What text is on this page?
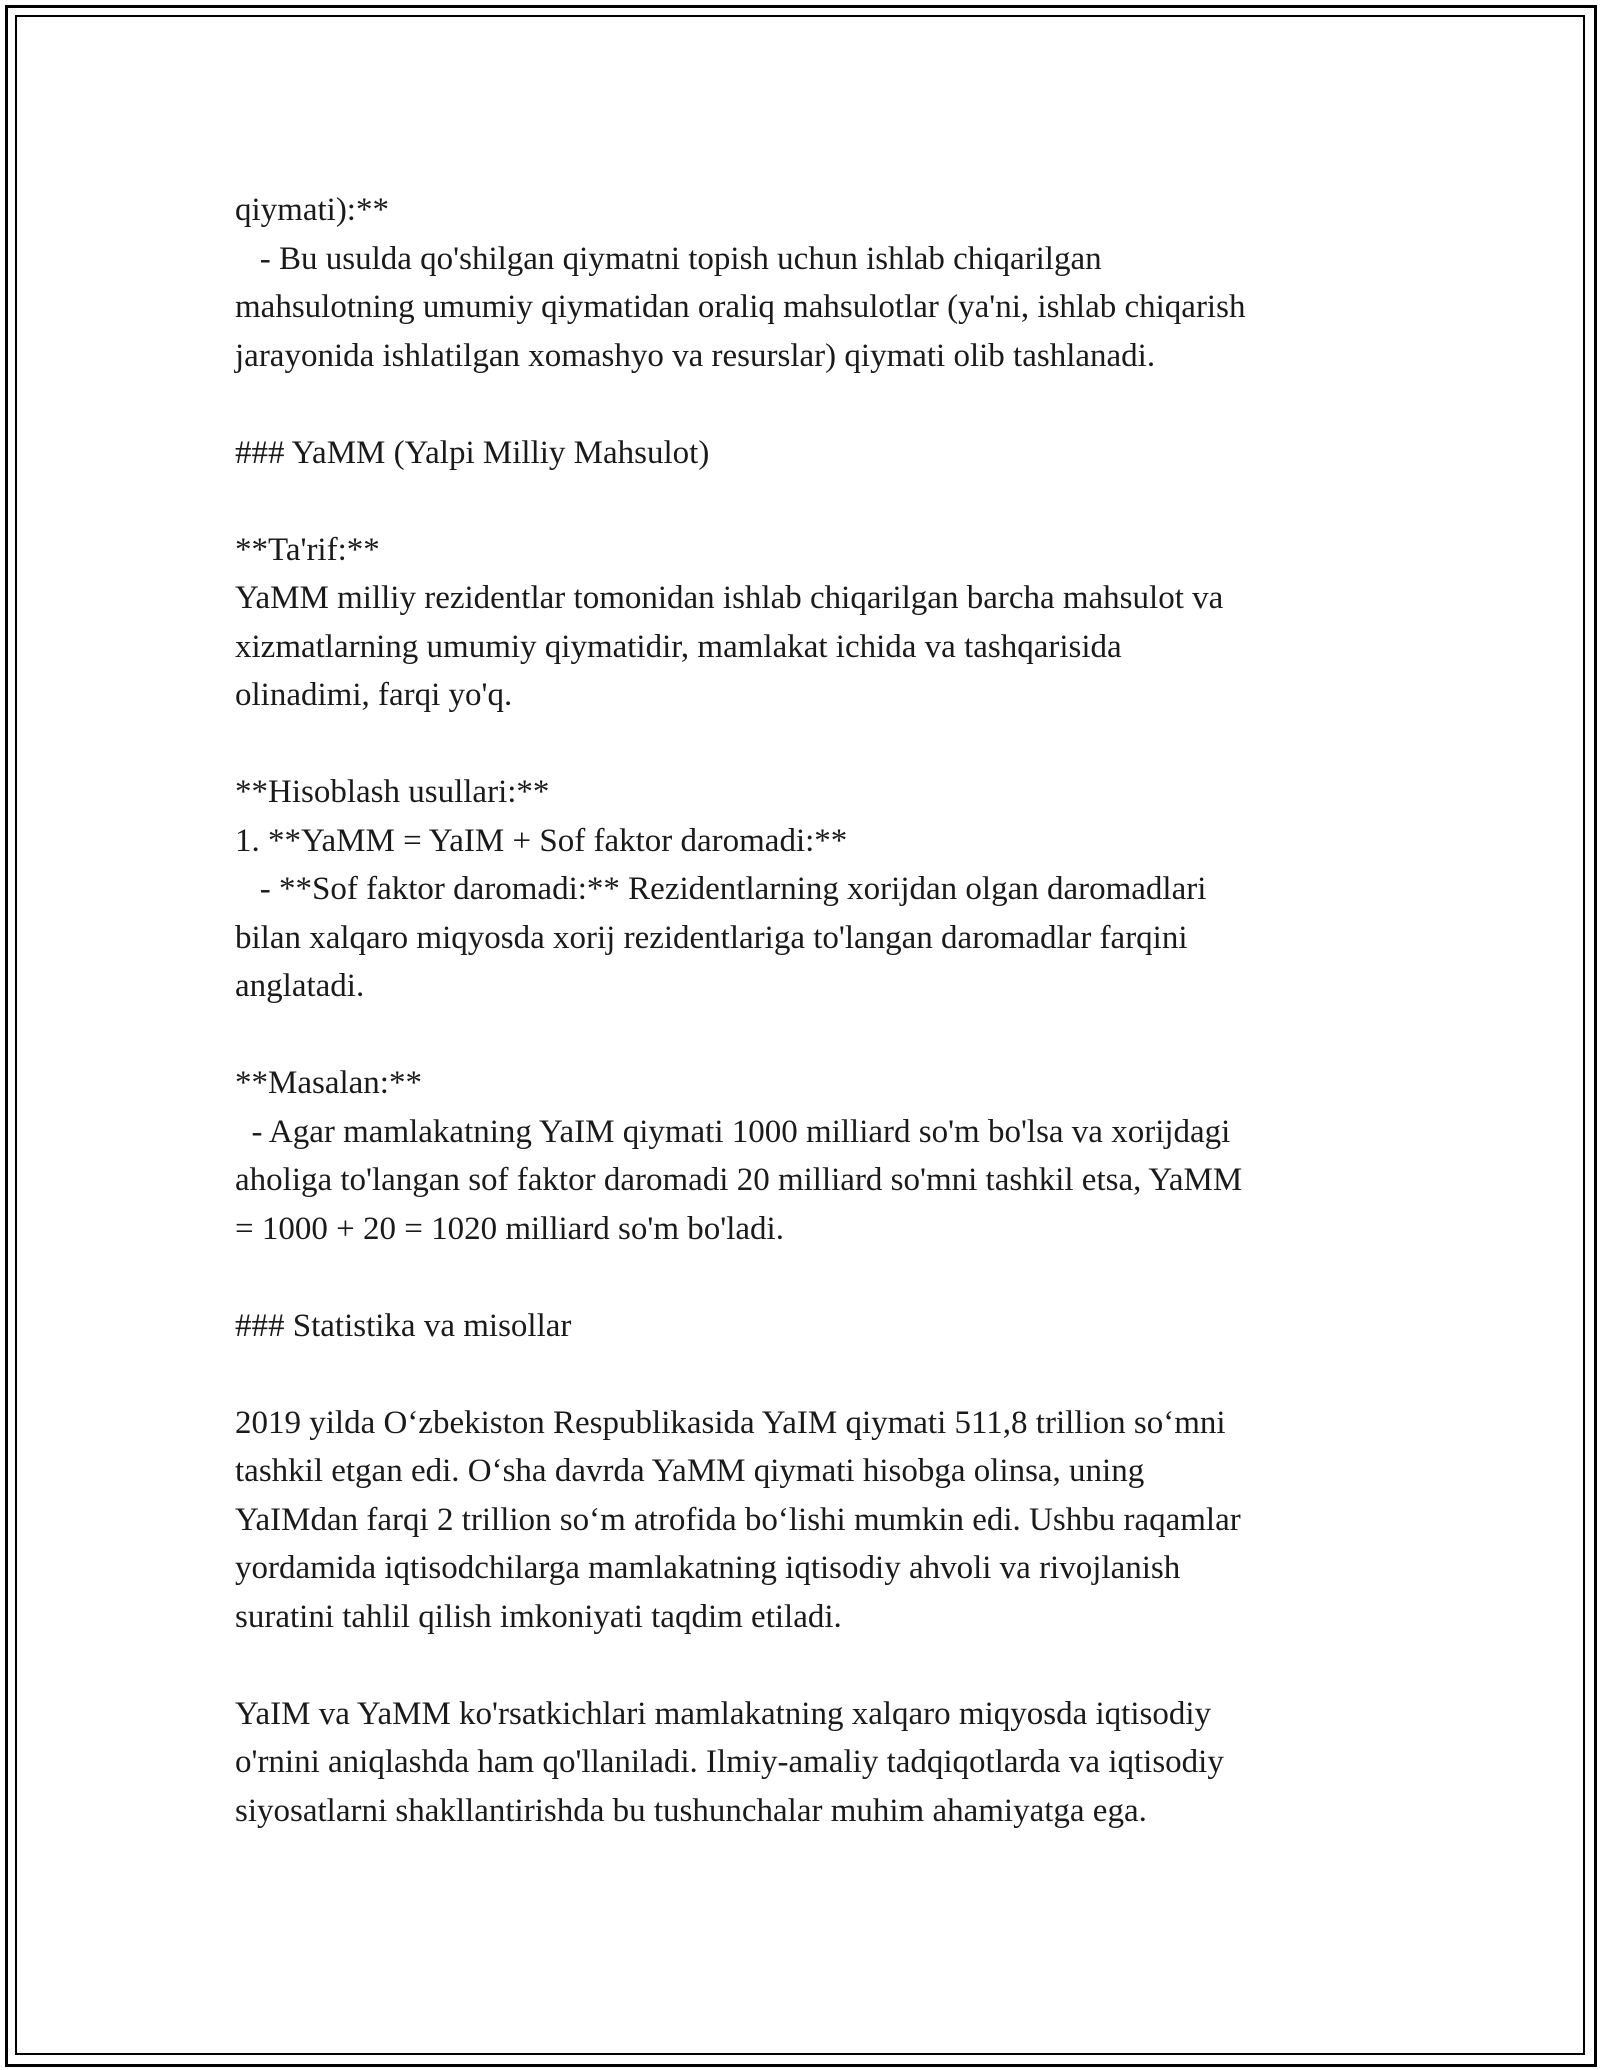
qiymati):**
- Bu usulda qo'shilgan qiymatni topish uchun ishlab chiqarilgan
mahsulotning umumiy qiymatidan oraliq mahsulotlar (ya'ni, ishlab chiqarish
jarayonida ishlatilgan xomashyo va resurslar) qiymati olib tashlanadi.
### YaMM (Yalpi Milliy Mahsulot)
**Ta'rif:**
YaMM milliy rezidentlar tomonidan ishlab chiqarilgan barcha mahsulot va
xizmatlarning umumiy qiymatidir, mamlakat ichida va tashqarisida
olinadimi, farqi yo'q.
**Hisoblash usullari:**
1. **YaMM = YaIM + Sof faktor daromadi:**
- **Sof faktor daromadi:** Rezidentlarning xorijdan olgan daromadlari
bilan xalqaro miqyosda xorij rezidentlariga to'langan daromadlar farqini
anglatadi.
**Masalan:**
- Agar mamlakatning YaIM qiymati 1000 milliard so'm bo'lsa va xorijdagi
aholiga to'langan sof faktor daromadi 20 milliard so'mni tashkil etsa, YaMM
= 1000 + 20 = 1020 milliard so'm bo'ladi.
### Statistika va misollar
2019 yilda O‘zbekiston Respublikasida YaIM qiymati 511,8 trillion so‘mni
tashkil etgan edi. O‘sha davrda YaMM qiymati hisobga olinsa, uning
YaIMdan farqi 2 trillion so‘m atrofida bo‘lishi mumkin edi. Ushbu raqamlar
yordamida iqtisodchilarga mamlakatning iqtisodiy ahvoli va rivojlanish
suratini tahlil qilish imkoniyati taqdim etiladi.
YaIM va YaMM ko'rsatkichlari mamlakatning xalqaro miqyosda iqtisodiy
o'rnini aniqlashda ham qo'llaniladi. Ilmiy-amaliy tadqiqotlarda va iqtisodiy
siyosatlarni shakllantirishda bu tushunchalar muhim ahamiyatga ega.
